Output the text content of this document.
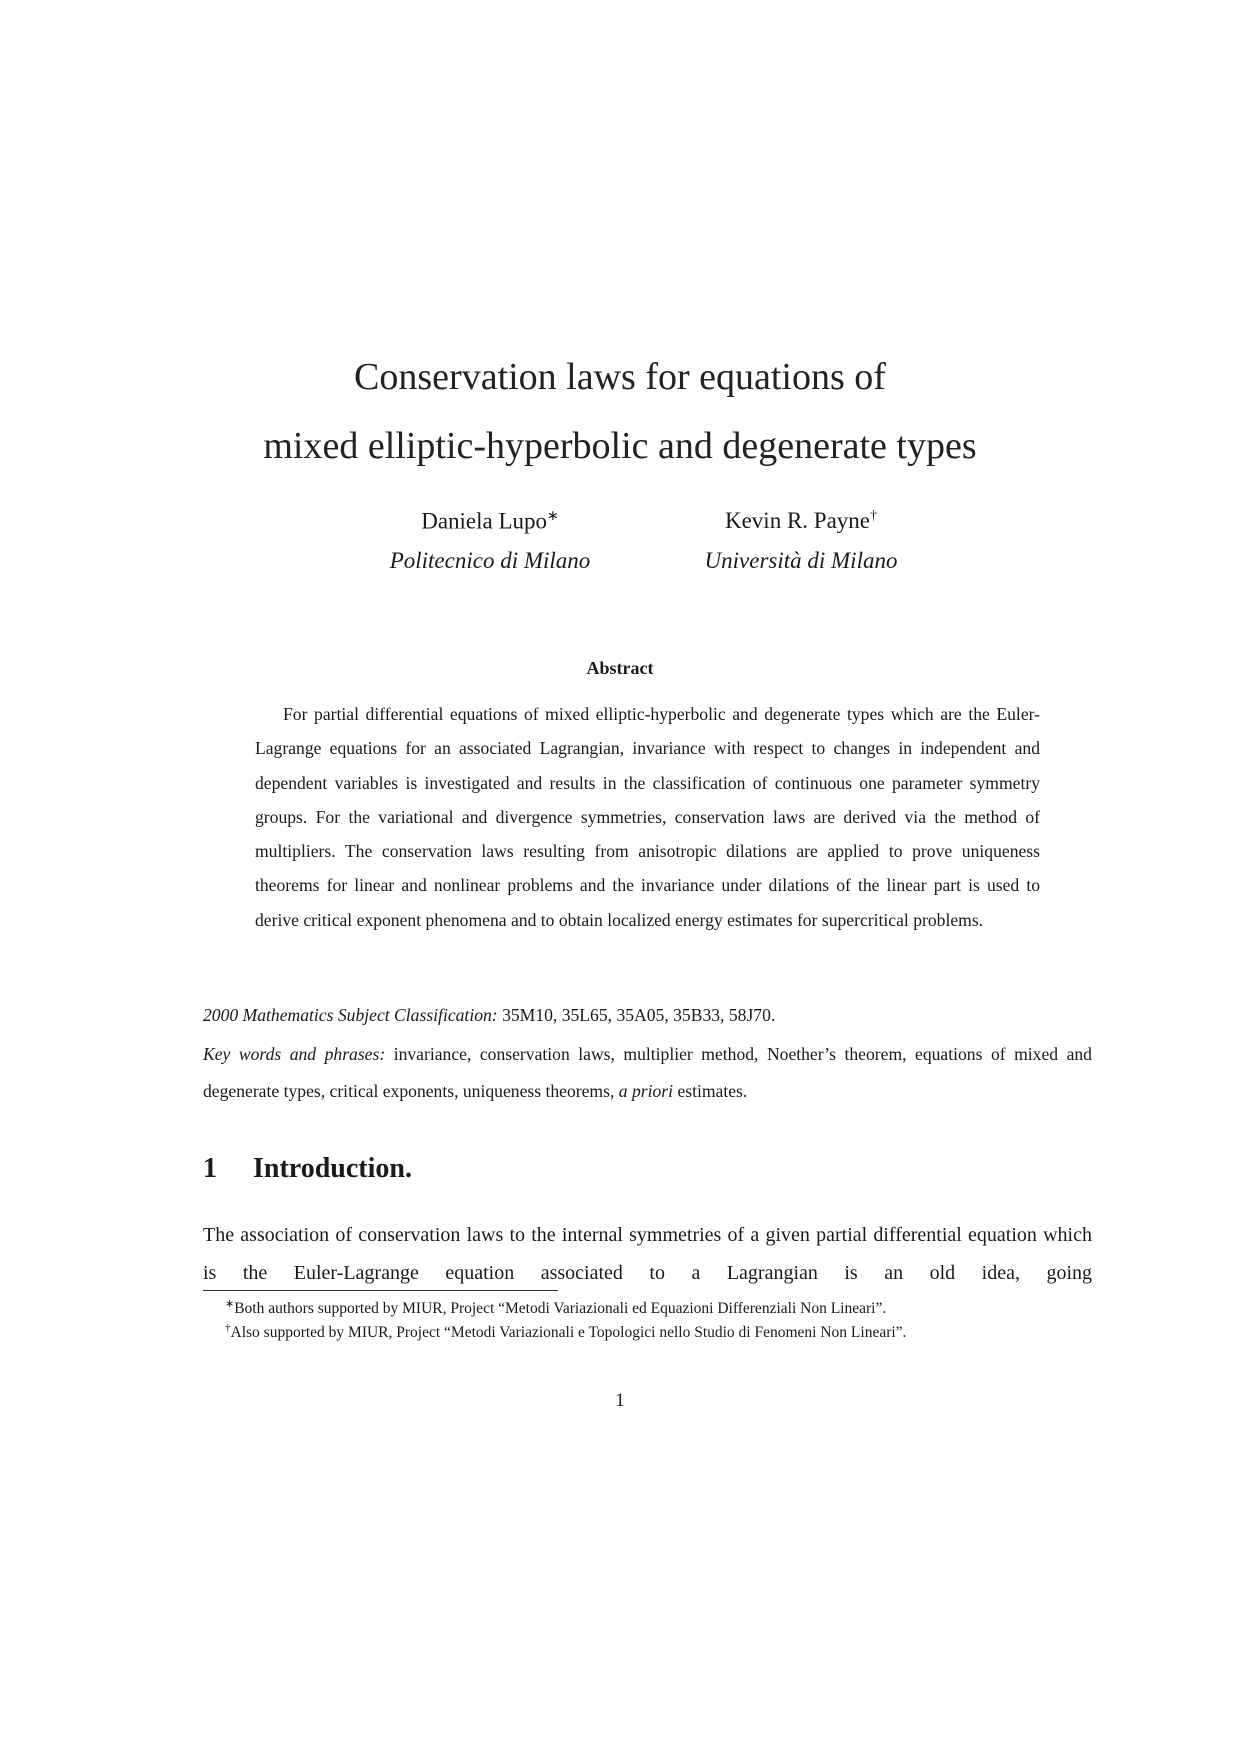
Conservation laws for equations of
mixed elliptic-hyperbolic and degenerate types
Daniela Lupo∗
Politecnico di Milano
Kevin R. Payne†
Università di Milano
Abstract
For partial differential equations of mixed elliptic-hyperbolic and degenerate types which are the Euler-Lagrange equations for an associated Lagrangian, invariance with respect to changes in independent and dependent variables is investigated and results in the classification of continuous one parameter symmetry groups. For the variational and divergence symmetries, conservation laws are derived via the method of multipliers. The conservation laws resulting from anisotropic dilations are applied to prove uniqueness theorems for linear and nonlinear problems and the invariance under dilations of the linear part is used to derive critical exponent phenomena and to obtain localized energy estimates for supercritical problems.
2000 Mathematics Subject Classification: 35M10, 35L65, 35A05, 35B33, 58J70.
Key words and phrases: invariance, conservation laws, multiplier method, Noether’s theorem, equations of mixed and degenerate types, critical exponents, uniqueness theorems, a priori estimates.
1 Introduction.
The association of conservation laws to the internal symmetries of a given partial differential equation which is the Euler-Lagrange equation associated to a Lagrangian is an old idea, going
∗Both authors supported by MIUR, Project “Metodi Variazionali ed Equazioni Differenziali Non Lineari”.
†Also supported by MIUR, Project “Metodi Variazionali e Topologici nello Studio di Fenomeni Non Lineari”.
1
